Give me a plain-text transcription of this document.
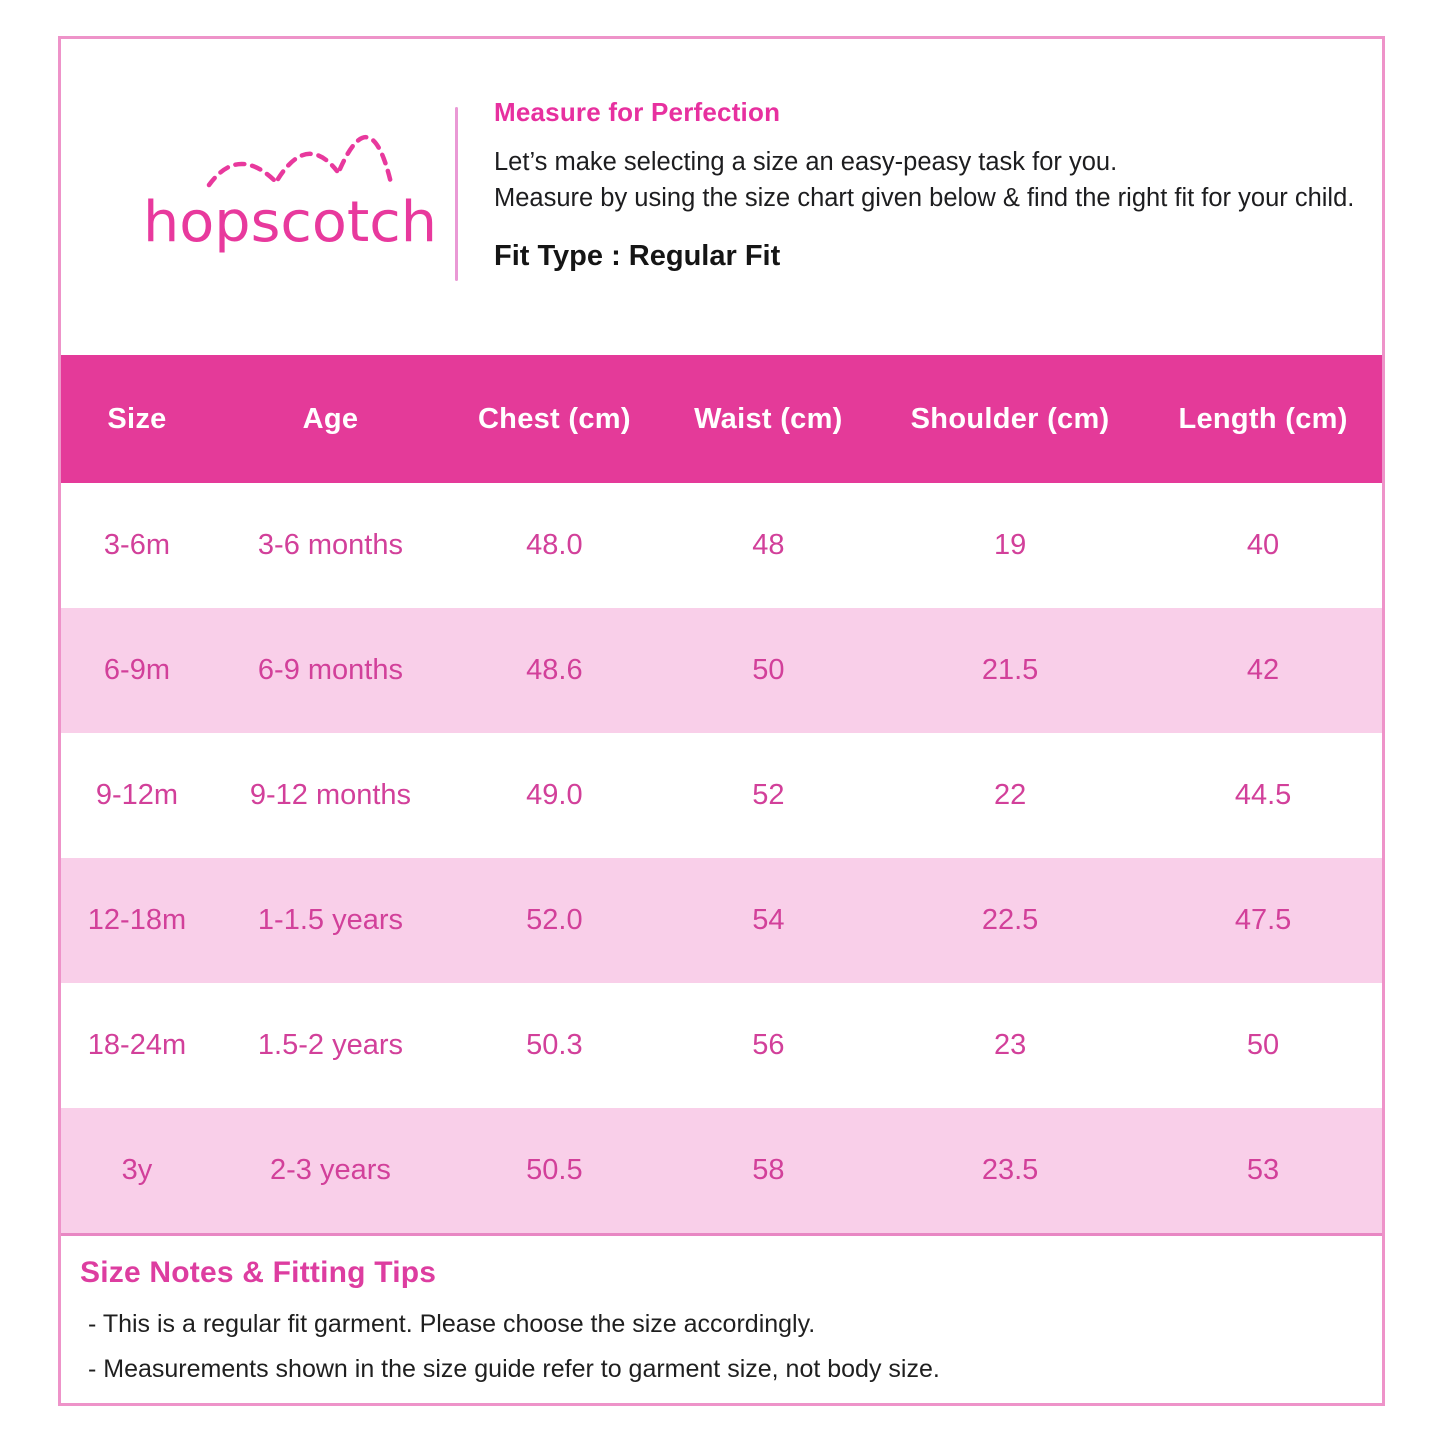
hopscotch
Measure for Perfection

Let’s make selecting a size an easy-peasy task for you.

Measure by using the size chart given below & find the right fit for your child.

Fit Type : Regular Fit

Size	Age	Chest (cm)	Waist (cm)	Shoulder (cm)	Length (cm)
3-6m	3-6 months	48.0	48	19	40
6-9m	6-9 months	48.6	50	21.5	42
9-12m	9-12 months	49.0	52	22	44.5
12-18m	1-1.5 years	52.0	54	22.5	47.5
18-24m	1.5-2 years	50.3	56	23	50
3y	2-3 years	50.5	58	23.5	53
Size Notes & Fitting Tips

- This is a regular fit garment. Please choose the size accordingly.

- Measurements shown in the size guide refer to garment size, not body size.
